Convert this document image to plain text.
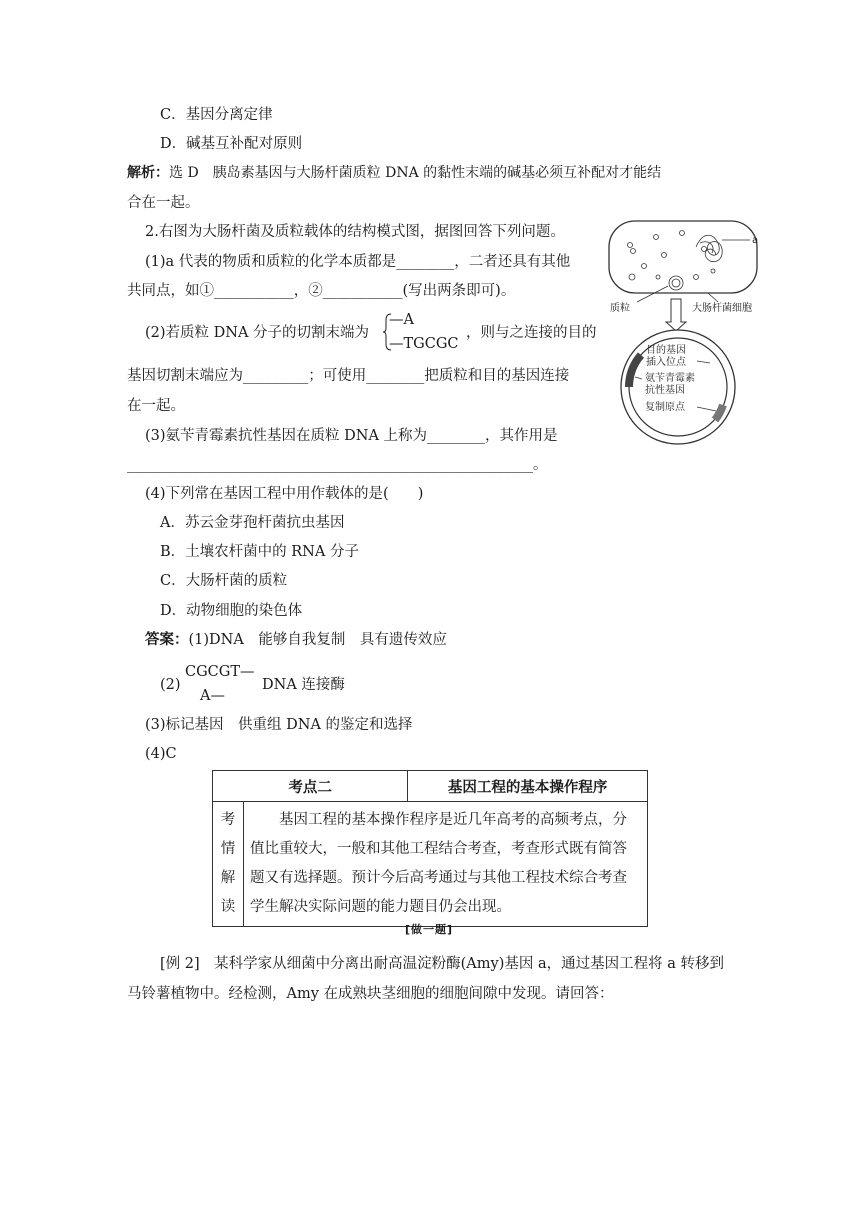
C．基因分离定律
D．碱基互补配对原则
解析：选 D　胰岛素基因与大肠杆菌质粒 DNA 的黏性末端的碱基必须互补配对才能结
合在一起。
2.右图为大肠杆菌及质粒载体的结构模式图，据图回答下列问题。
(1)a 代表的物质和质粒的化学本质都是________，二者还具有其他
共同点，如①___________，②___________(写出两条即可)。
(2)若质粒 DNA 分子的切割末端为
—A
—TGCGC
，则与之连接的目的
基因切割末端应为_________；可使用________把质粒和目的基因连接
在一起。
(3)氨苄青霉素抗性基因在质粒 DNA 上称为________，其作用是
________________________________________________________。
(4)下列常在基因工程中用作载体的是(　　)
A．苏云金芽孢杆菌抗虫基因
B．土壤农杆菌中的 RNA 分子
C．大肠杆菌的质粒
D．动物细胞的染色体
答案：(1)DNA　能够自我复制　具有遗传效应
(2)
CGCGT—
A—
DNA 连接酶
(3)标记基因　供重组 DNA 的鉴定和选择
(4)C
a
质粒	大肠杆菌细胞
目的基因
插入位点
氨苄青霉素
抗性基因
复制原点
考点二		基因工程的基本操作程序

考
情
解
读	基因工程的基本操作程序是近几年高考的高频考点，分值比重较大，一般和其他工程结合考查，考查形式既有简答题又有选择题。预计今后高考通过与其他工程技术综合考查学生解决实际问题的能力题目仍会出现。	
[做一题]
[例 2]　某科学家从细菌中分离出耐高温淀粉酶(Amy)基因 a，通过基因工程将 a 转移到
马铃薯植物中。经检测，Amy 在成熟块茎细胞的细胞间隙中发现。请回答：
